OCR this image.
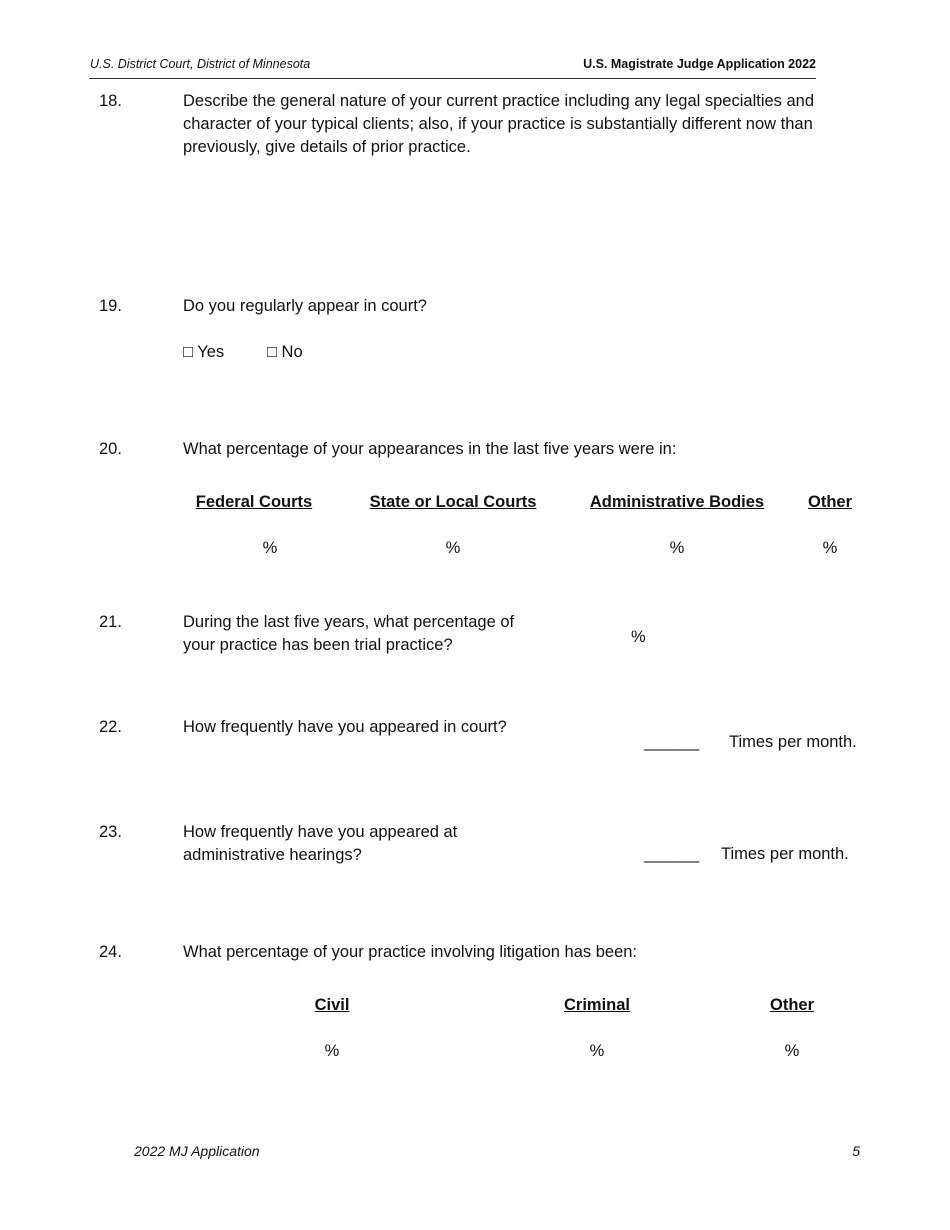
U.S. District Court, District of Minnesota	U.S. Magistrate Judge Application 2022
18.	Describe the general nature of your current practice including any legal specialties and character of your typical clients; also, if your practice is substantially different now than previously, give details of prior practice.
19.	Do you regularly appear in court?
□ Yes	□ No
20.	What percentage of your appearances in the last five years were in:
Federal Courts	State or Local Courts	Administrative Bodies	Other
%	%	%	%
21.	During the last five years, what percentage of
your practice has been trial practice?	%
22.	How frequently have you appeared in court?
______ Times per month.
23.	How frequently have you appeared at
administrative hearings?	______ Times per month.
24.	What percentage of your practice involving litigation has been:
Civil	Criminal	Other
%	%	%
2022 MJ Application	5
